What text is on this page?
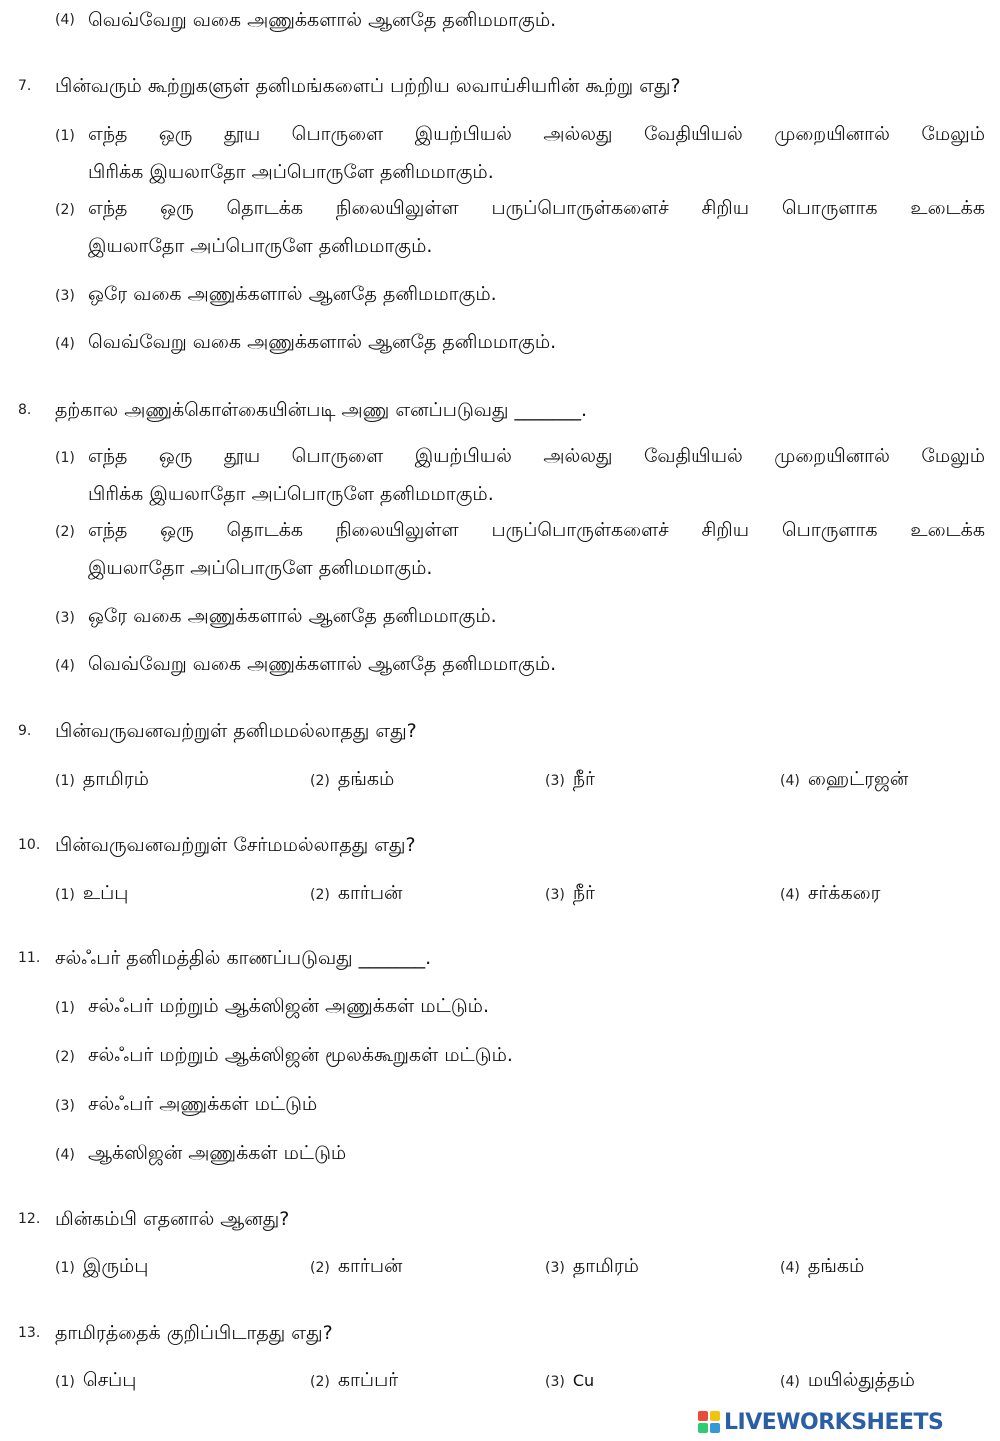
(4) வெவ்வேறு வகை அணுக்களால் ஆனதே தனிமமாகும்.
7. பின்வரும் கூற்றுகளுள் தனிமங்களைப் பற்றிய லவாய்சியரின் கூற்று எது?
(1) எந்த ஒரு தூய பொருளை இயற்பியல் அல்லது வேதியியல் முறையினால் மேலும்
பிரிக்க இயலாதோ அப்பொருளே தனிமமாகும்.
(2) எந்த ஒரு தொடக்க நிலையிலுள்ள பருப்பொருள்களைச் சிறிய பொருளாக உடைக்க
இயலாதோ அப்பொருளே தனிமமாகும்.
(3) ஒரே வகை அணுக்களால் ஆனதே தனிமமாகும்.
(4) வெவ்வேறு வகை அணுக்களால் ஆனதே தனிமமாகும்.
8. தற்கால அணுக்கொள்கையின்படி அணு எனப்படுவது _______.
(1) எந்த ஒரு தூய பொருளை இயற்பியல் அல்லது வேதியியல் முறையினால் மேலும்
பிரிக்க இயலாதோ அப்பொருளே தனிமமாகும்.
(2) எந்த ஒரு தொடக்க நிலையிலுள்ள பருப்பொருள்களைச் சிறிய பொருளாக உடைக்க
இயலாதோ அப்பொருளே தனிமமாகும்.
(3) ஒரே வகை அணுக்களால் ஆனதே தனிமமாகும்.
(4) வெவ்வேறு வகை அணுக்களால் ஆனதே தனிமமாகும்.
9. பின்வருவனவற்றுள் தனிமமல்லாதது எது?
(1) தாமிரம்	(2) தங்கம்	(3) நீர்	(4) ஹைட்ரஜன்
10. பின்வருவனவற்றுள் சேர்மமல்லாதது எது?
(1) உப்பு	(2) கார்பன்	(3) நீர்	(4) சர்க்கரை
11. சல்ஃபர் தனிமத்தில் காணப்படுவது _______.
(1) சல்ஃபர் மற்றும் ஆக்ஸிஜன் அணுக்கள் மட்டும்.
(2) சல்ஃபர் மற்றும் ஆக்ஸிஜன் மூலக்கூறுகள் மட்டும்.
(3) சல்ஃபர் அணுக்கள் மட்டும்
(4) ஆக்ஸிஜன் அணுக்கள் மட்டும்
12. மின்கம்பி எதனால் ஆனது?
(1) இரும்பு	(2) கார்பன்	(3) தாமிரம்	(4) தங்கம்
13. தாமிரத்தைக் குறிப்பிடாதது எது?
(1) செப்பு	(2) காப்பர்	(3) Cu	(4) மயில்துத்தம்
LIVEWORKSHEETS
